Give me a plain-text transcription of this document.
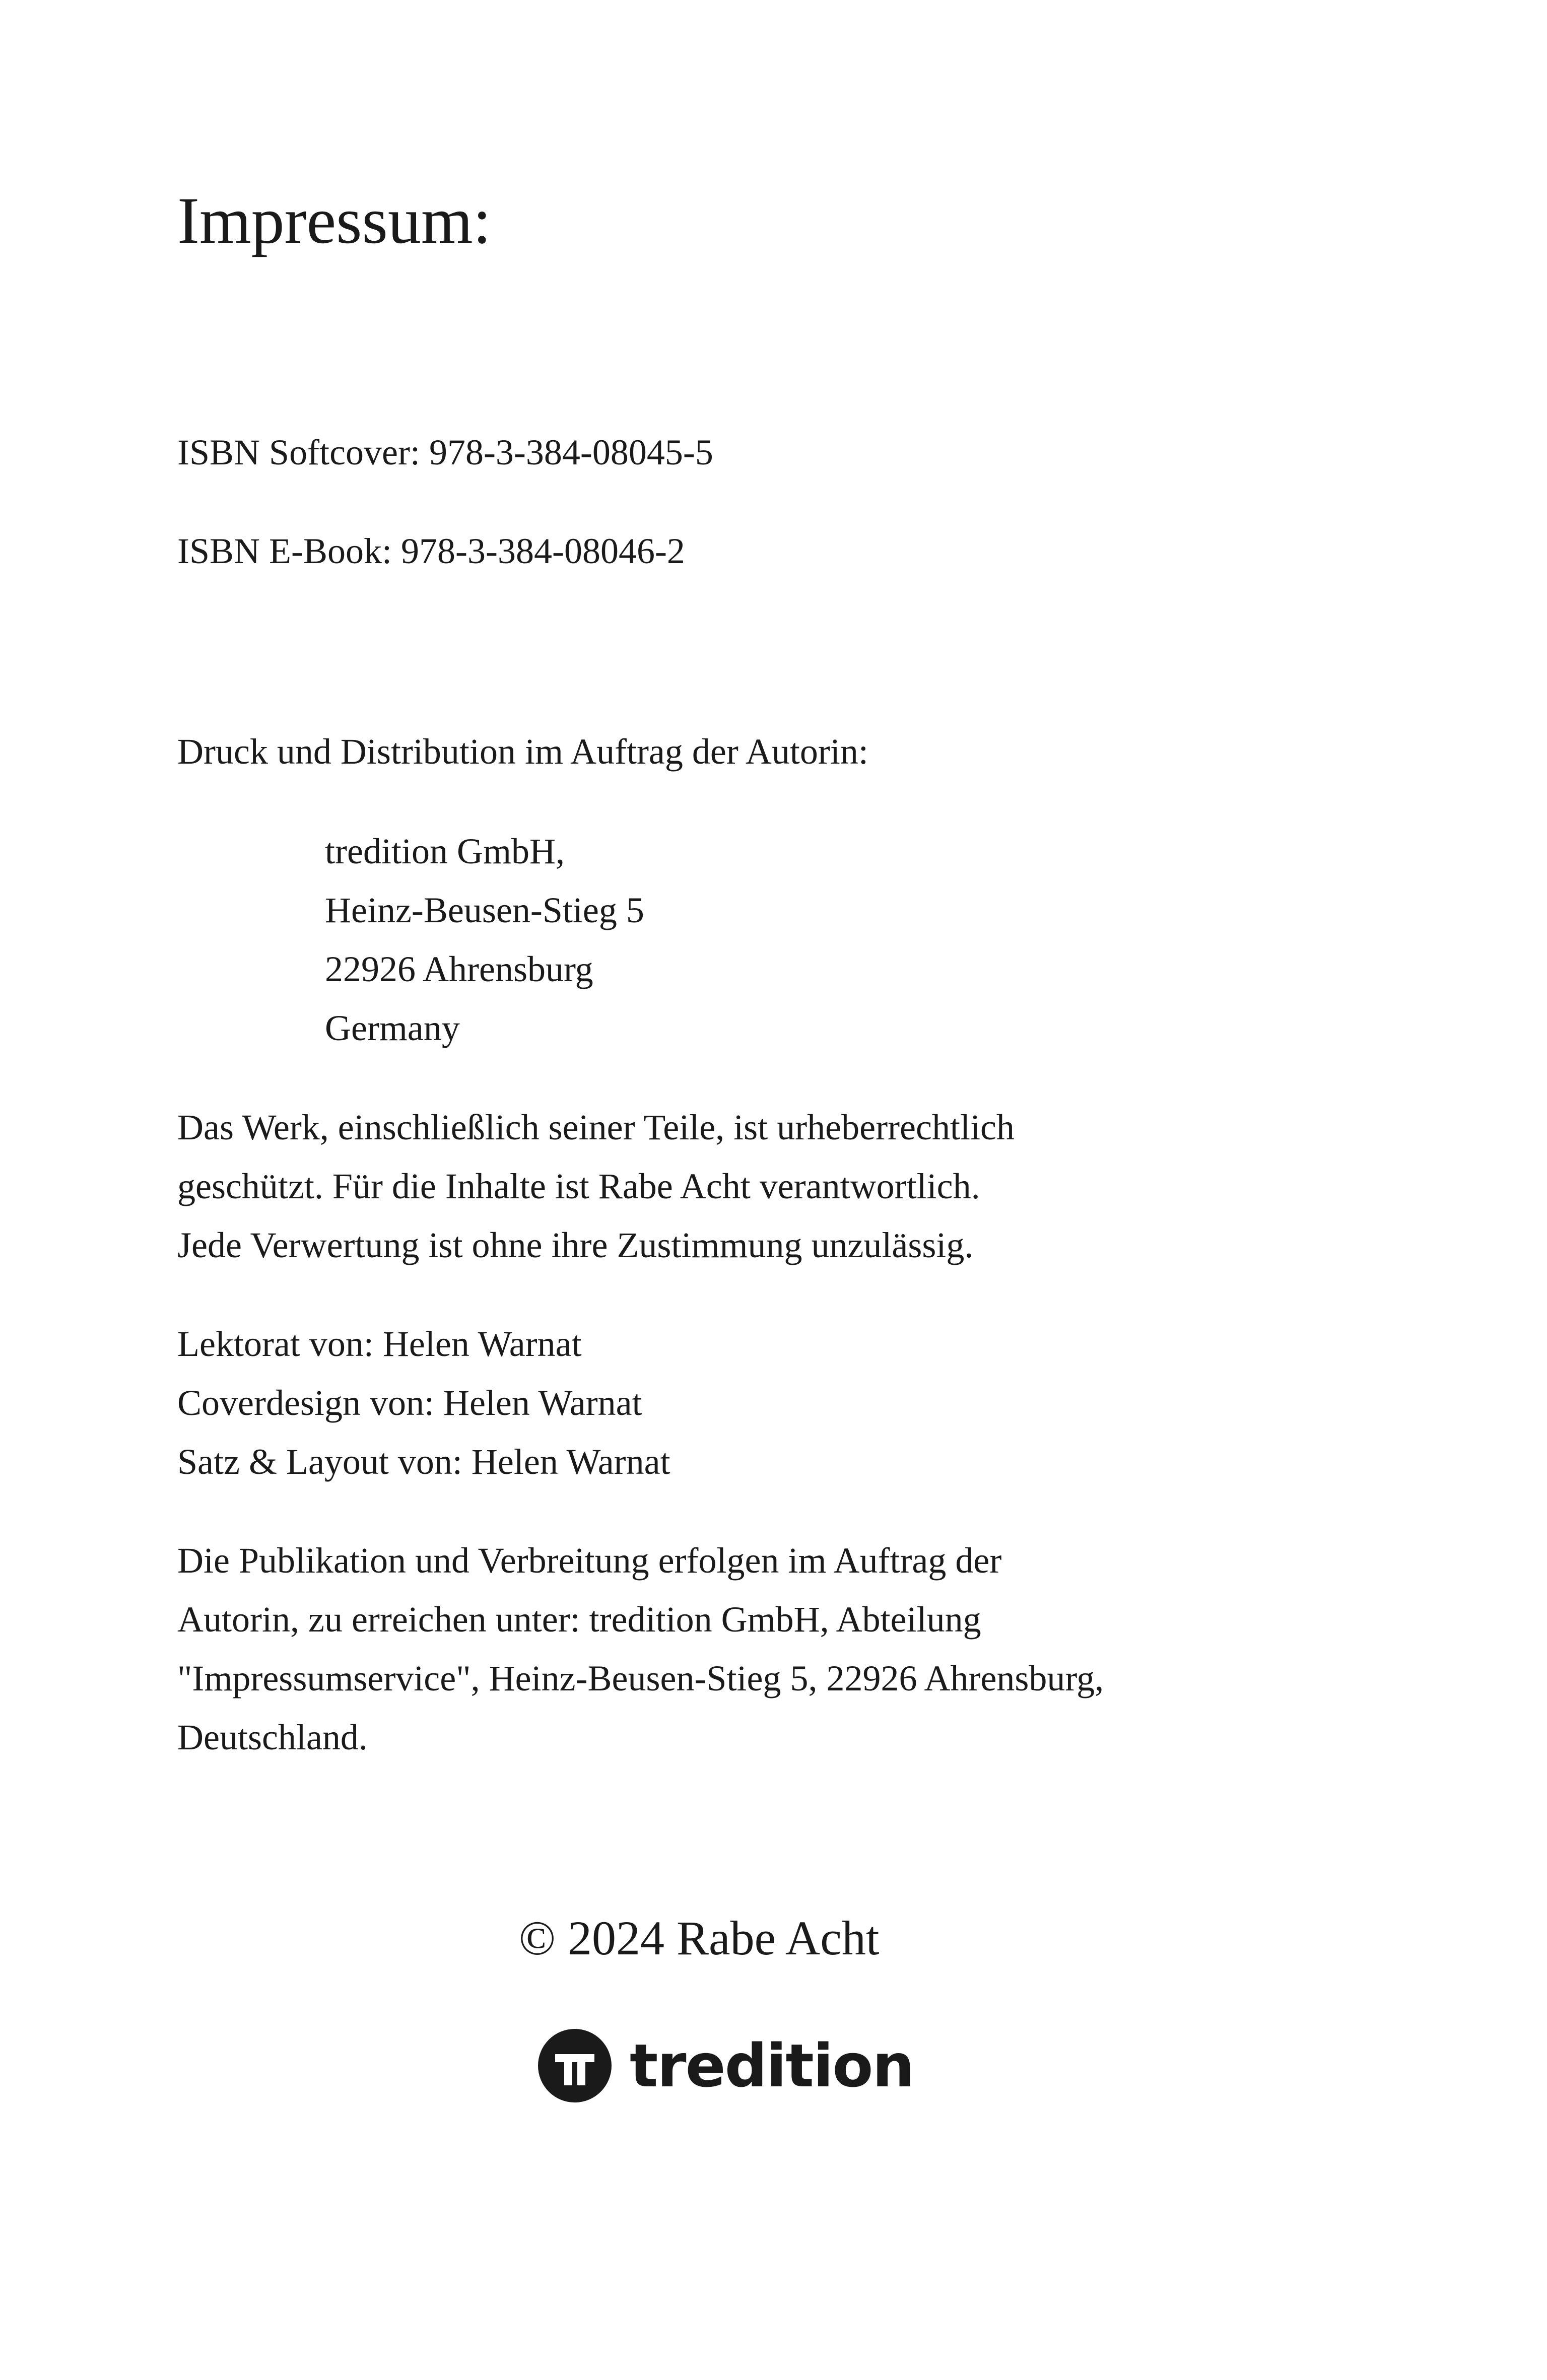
Impressum:
ISBN Softcover: 978-3-384-08045-5
ISBN E-Book: 978-3-384-08046-2
Druck und Distribution im Auftrag der Autorin:
tredition GmbH,
Heinz-Beusen-Stieg 5
22926 Ahrensburg
Germany
Das Werk, einschließlich seiner Teile, ist urheberrechtlich
geschützt. Für die Inhalte ist Rabe Acht verantwortlich.
Jede Verwertung ist ohne ihre Zustimmung unzulässig.
Lektorat von: Helen Warnat
Coverdesign von: Helen Warnat
Satz & Layout von: Helen Warnat
Die Publikation und Verbreitung erfolgen im Auftrag der
Autorin, zu erreichen unter: tredition GmbH, Abteilung
"Impressumservice", Heinz-Beusen-Stieg 5, 22926 Ahrensburg,
Deutschland.
© 2024 Rabe Acht
tredition
